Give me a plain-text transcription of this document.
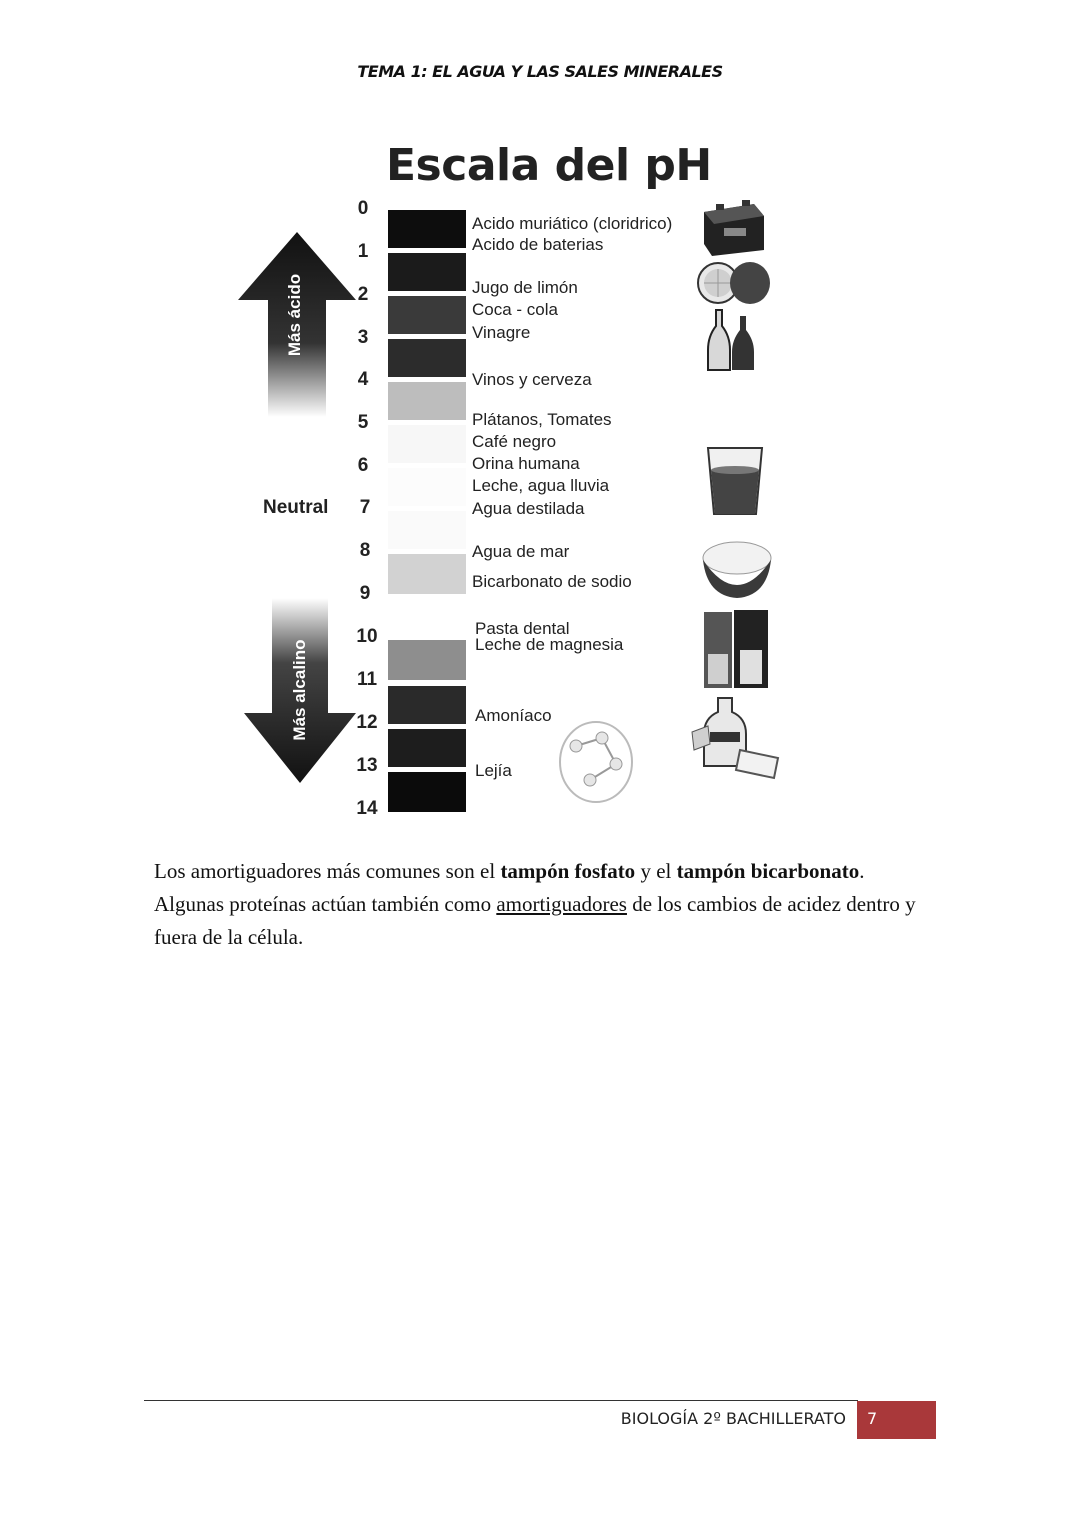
TEMA 1: EL AGUA Y LAS SALES MINERALES
Escala del pH
Más ácido
Más alcalino
Neutral
0
1
2
3
4
5
6
7
8
9
10
11
12
13
14
Acido muriático (cloridrico)
Acido de baterias
Jugo de limón
Coca - cola
Vinagre
Vinos y cerveza
Plátanos, Tomates
Café negro
Orina humana
Leche, agua lluvia
Agua destilada
Agua de mar
Bicarbonato de sodio
Pasta dental
Leche de magnesia
Amoníaco
Lejía
Los amortiguadores más comunes son el tampón fosfato y el tampón bicarbonato.
Algunas proteínas actúan también como amortiguadores de los cambios de acidez dentro y fuera de la célula.
BIOLOGÍA 2º BACHILLERATO 7
